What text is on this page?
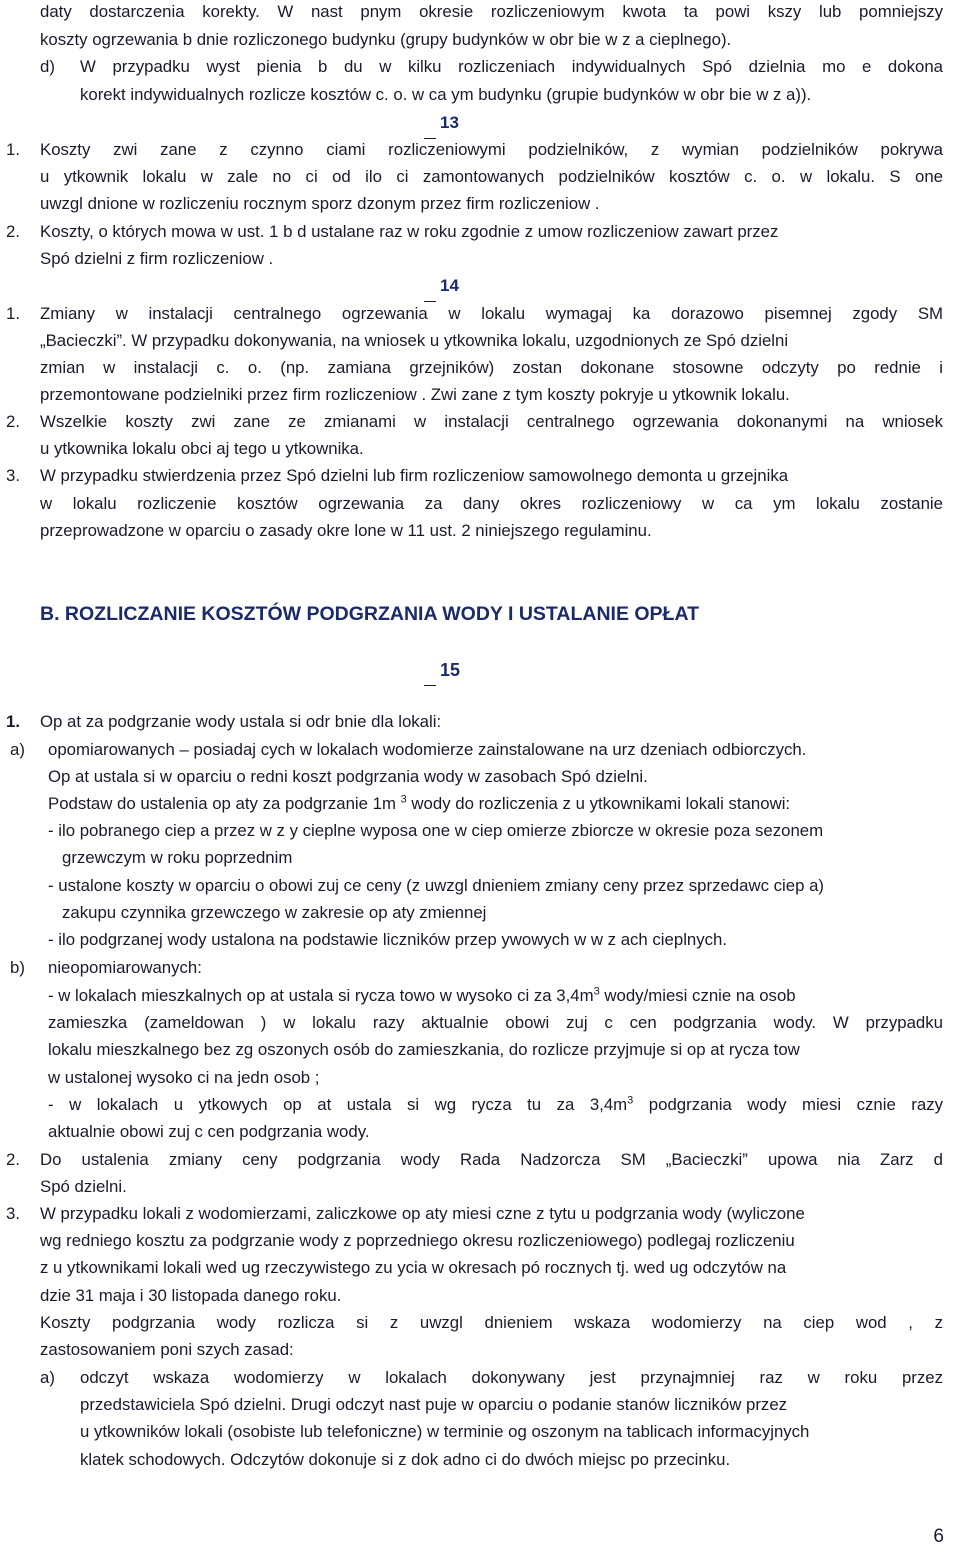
daty dostarczenia korekty. W nast pnym okresie rozliczeniowym kwota ta powi kszy lub pomniejszy
koszty ogrzewania b dnie rozliczonego budynku (grupy budynków w obr bie w z a cieplnego).
d) W przypadku wyst pienia b du w kilku rozliczeniach indywidualnych Spó dzielnia mo e dokona
korekt indywidualnych rozlicze kosztów c. o. w ca ym budynku (grupie budynków w obr bie w z a)).
13
1. Koszty zwi zane z czynno ciami rozliczeniowymi podzielników, z wymian podzielników pokrywa
u ytkownik lokalu w zale no ci od ilo ci zamontowanych podzielników kosztów c. o. w lokalu. S one
uwzgl dnione w rozliczeniu rocznym sporz dzonym przez firm rozliczeniow .
2. Koszty, o których mowa w ust. 1 b d ustalane raz w roku zgodnie z umow rozliczeniow zawart przez
Spó dzielni z firm rozliczeniow .
14
1. Zmiany w instalacji centralnego ogrzewania w lokalu wymagaj ka dorazowo pisemnej zgody SM
„Bacieczki”. W przypadku dokonywania, na wniosek u ytkownika lokalu, uzgodnionych ze Spó dzielni
zmian w instalacji c. o. (np. zamiana grzejników) zostan dokonane stosowne odczyty po rednie i
przemontowane podzielniki przez firm rozliczeniow . Zwi zane z tym koszty pokryje u ytkownik lokalu.
2. Wszelkie koszty zwi zane ze zmianami w instalacji centralnego ogrzewania dokonanymi na wniosek
u ytkownika lokalu obci aj tego u ytkownika.
3. W przypadku stwierdzenia przez Spó dzielni lub firm rozliczeniow samowolnego demonta u grzejnika
w lokalu rozliczenie kosztów ogrzewania za dany okres rozliczeniowy w ca ym lokalu zostanie
przeprowadzone w oparciu o zasady okre lone w 11 ust. 2 niniejszego regulaminu.
B. ROZLICZANIE KOSZTÓW PODGRZANIA WODY I USTALANIE OPŁAT
15
1. Op at za podgrzanie wody ustala si odr bnie dla lokali:
a) opomiarowanych – posiadaj cych w lokalach wodomierze zainstalowane na urz dzeniach odbiorczych.
Op at ustala si w oparciu o redni koszt podgrzania wody w zasobach Spó dzielni.
Podstaw do ustalenia op aty za podgrzanie 1m $^3$ wody do rozliczenia z u ytkownikami lokali stanowi:
- ilo pobranego ciep a przez w z y cieplne wyposa one w ciep omierze zbiorcze w okresie poza sezonem
grzewczym w roku poprzednim
- ustalone koszty w oparciu o obowi zuj ce ceny (z uwzgl dnieniem zmiany ceny przez sprzedawc ciep a)
zakupu czynnika grzewczego w zakresie op aty zmiennej
- ilo podgrzanej wody ustalona na podstawie liczników przep ywowych w w z ach cieplnych.
b) nieopomiarowanych:
- w lokalach mieszkalnych op at ustala si rycza towo w wysoko ci za $3,4m^3$ wody/miesi cznie na osob
zamieszka (zameldowan ) w lokalu razy aktualnie obowi zuj c cen podgrzania wody. W przypadku
lokalu mieszkalnego bez zg oszonych osób do zamieszkania, do rozlicze przyjmuje si op at rycza tow
w ustalonej wysoko ci na jedn osob ;
- w lokalach u ytkowych op at ustala si wg rycza tu za $3,4m^3$ podgrzania wody miesi cznie razy
aktualnie obowi zuj c cen podgrzania wody.
2. Do ustalenia zmiany ceny podgrzania wody Rada Nadzorcza SM „Bacieczki” upowa nia Zarz d
Spó dzielni.
3. W przypadku lokali z wodomierzami, zaliczkowe op aty miesi czne z tytu u podgrzania wody (wyliczone
wg redniego kosztu za podgrzanie wody z poprzedniego okresu rozliczeniowego) podlegaj rozliczeniu
z u ytkownikami lokali wed ug rzeczywistego zu ycia w okresach pó rocznych tj. wed ug odczytów na
dzie 31 maja i 30 listopada danego roku.
Koszty podgrzania wody rozlicza si z uwzgl dnieniem wskaza wodomierzy na ciep wod , z
zastosowaniem poni szych zasad:
a) odczyt wskaza wodomierzy w lokalach dokonywany jest przynajmniej raz w roku przez
przedstawiciela Spó dzielni. Drugi odczyt nast puje w oparciu o podanie stanów liczników przez
u ytkowników lokali (osobiste lub telefoniczne) w terminie og oszonym na tablicach informacyjnych
klatek schodowych. Odczytów dokonuje si z dok adno ci do dwóch miejsc po przecinku.
6
